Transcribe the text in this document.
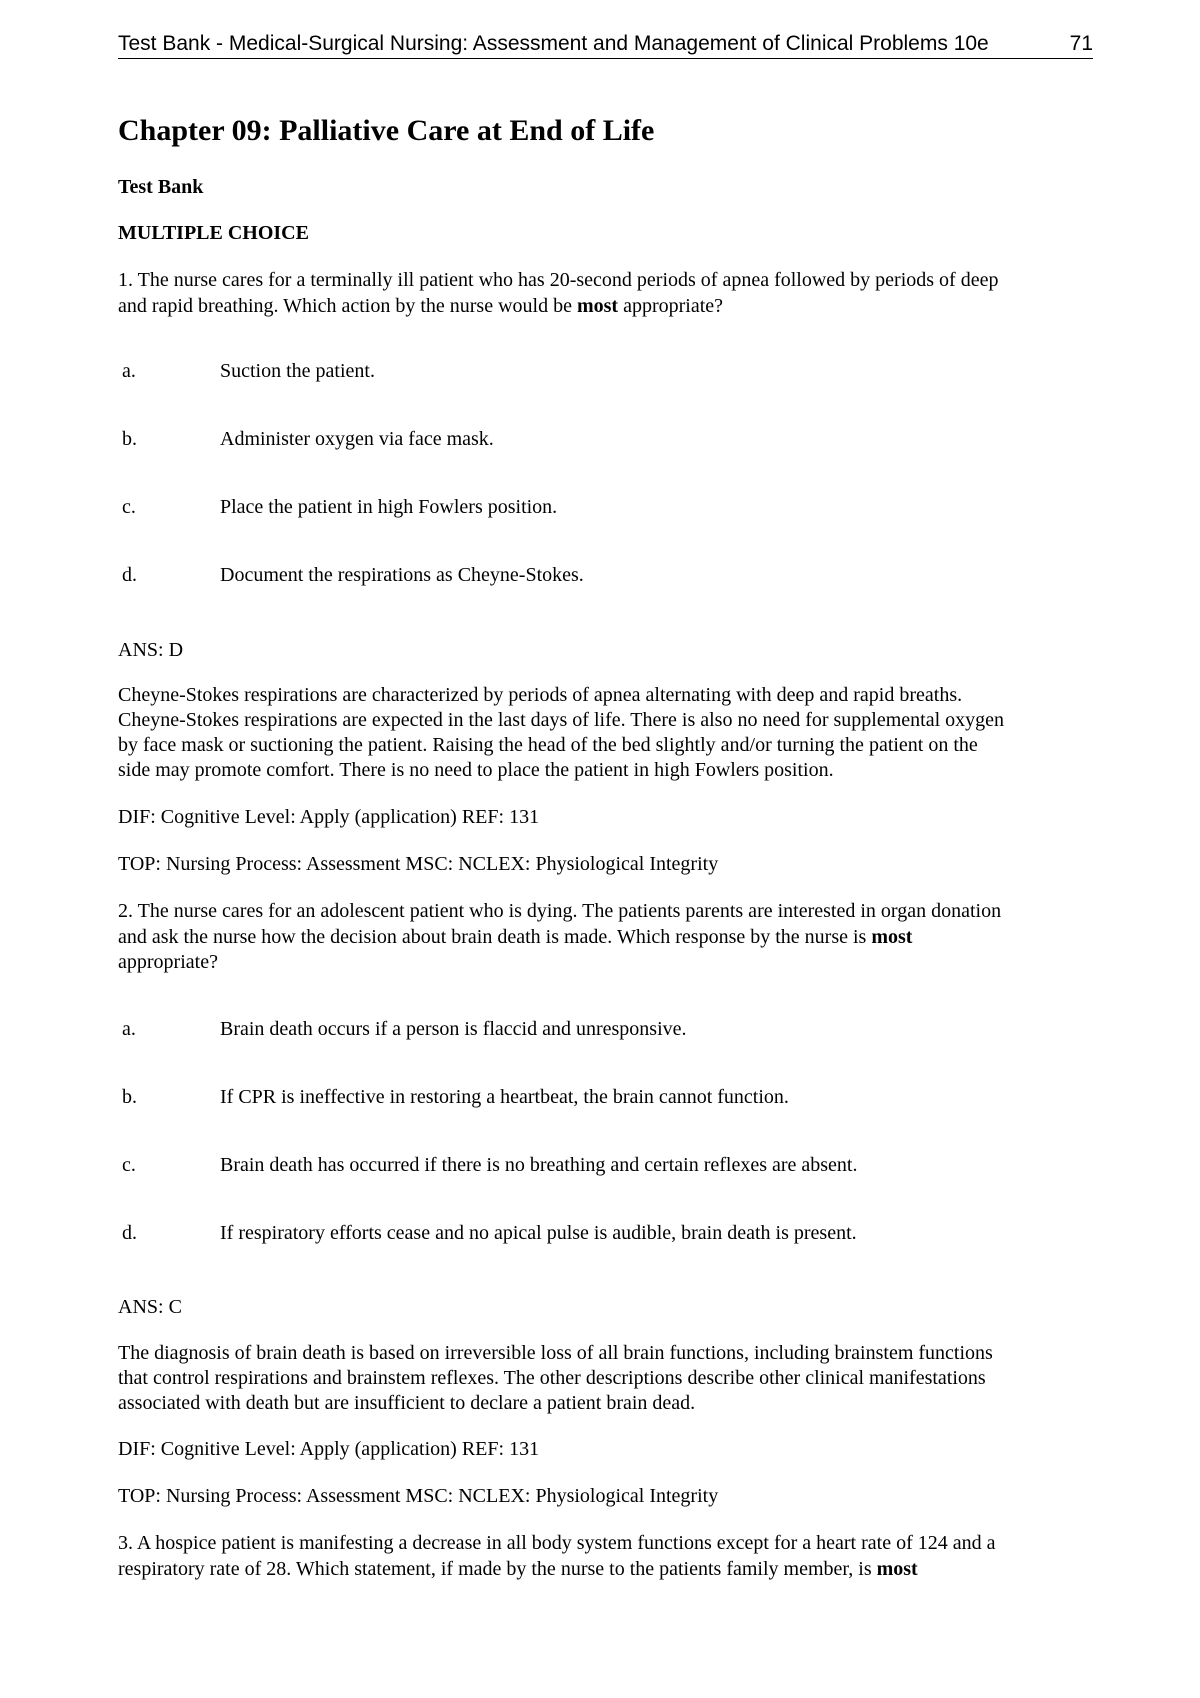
Test Bank - Medical-Surgical Nursing: Assessment and Management of Clinical Problems 10e	71
Chapter 09: Palliative Care at End of Life
Test Bank
MULTIPLE CHOICE
1. The nurse cares for a terminally ill patient who has 20-second periods of apnea followed by periods of deep
and rapid breathing. Which action by the nurse would be most appropriate?
a.	Suction the patient.
b.	Administer oxygen via face mask.
c.	Place the patient in high Fowlers position.
d.	Document the respirations as Cheyne-Stokes.
ANS: D
Cheyne-Stokes respirations are characterized by periods of apnea alternating with deep and rapid breaths.
Cheyne-Stokes respirations are expected in the last days of life. There is also no need for supplemental oxygen
by face mask or suctioning the patient. Raising the head of the bed slightly and/or turning the patient on the
side may promote comfort. There is no need to place the patient in high Fowlers position.
DIF: Cognitive Level: Apply (application) REF: 131
TOP: Nursing Process: Assessment MSC: NCLEX: Physiological Integrity
2. The nurse cares for an adolescent patient who is dying. The patients parents are interested in organ donation
and ask the nurse how the decision about brain death is made. Which response by the nurse is most
appropriate?
a.	Brain death occurs if a person is flaccid and unresponsive.
b.	If CPR is ineffective in restoring a heartbeat, the brain cannot function.
c.	Brain death has occurred if there is no breathing and certain reflexes are absent.
d.	If respiratory efforts cease and no apical pulse is audible, brain death is present.
ANS: C
The diagnosis of brain death is based on irreversible loss of all brain functions, including brainstem functions
that control respirations and brainstem reflexes. The other descriptions describe other clinical manifestations
associated with death but are insufficient to declare a patient brain dead.
DIF: Cognitive Level: Apply (application) REF: 131
TOP: Nursing Process: Assessment MSC: NCLEX: Physiological Integrity
3. A hospice patient is manifesting a decrease in all body system functions except for a heart rate of 124 and a
respiratory rate of 28. Which statement, if made by the nurse to the patients family member, is most
